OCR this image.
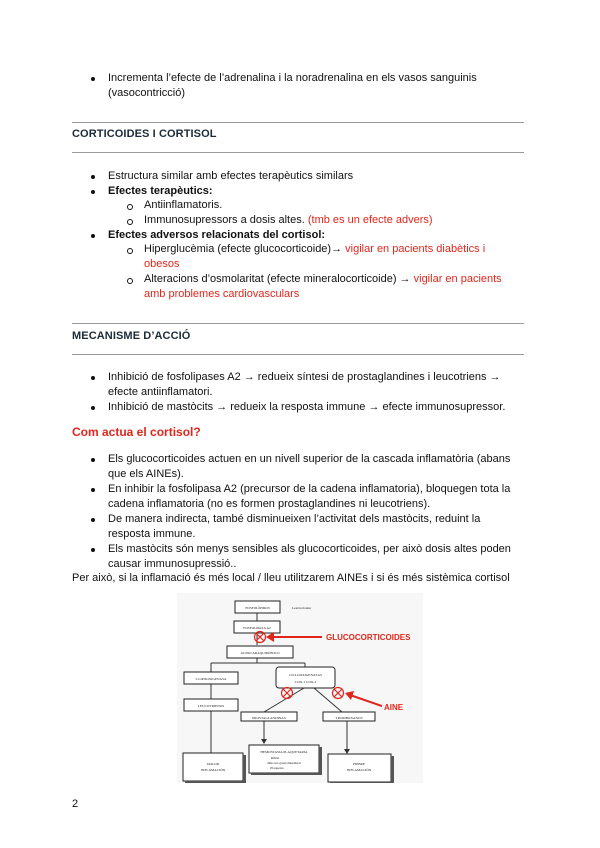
Incrementa l’efecte de l’adrenalina i la noradrenalina en els vasos sanguinis
(vasocontricció)
CORTICOIDES I CORTISOL
Estructura similar amb efectes terapèutics similars
Efectes terapèutics:
Antiinflamatoris.
Immunosupressors a dosis altes. (tmb es un efecte advers)
Efectes adversos relacionats del cortisol:
Hiperglucèmia (efecte glucocorticoide)→ vigilar en pacients diabètics i
obesos
Alteracions d’osmolaritat (efecte mineralocorticoide) → vigilar en pacients
amb problemes cardiovasculars
MECANISME D’ACCIÓ
Inhibició de fosfolipases A2 → redueix síntesi de prostaglandines i leucotriens →
efecte antiinflamatori.
Inhibició de mastòcits → redueix la resposta immune → efecte immunosupressor.
Com actua el cortisol?
Els glucocorticoides actuen en un nivell superior de la cascada inflamatòria (abans
que els AINEs).
En inhibir la fosfolipasa A2 (precursor de la cadena inflamatoria), bloquegen tota la
cadena inflamatoria (no es formen prostaglandines ni leucotriens).
De manera indirecta, també disminueixen l’activitat dels mastòcits, reduint la
resposta immune.
Els mastòcits són menys sensibles als glucocorticoides, per això dosis altes poden
causar immunosupressió..
Per això, si la inflamació és més local / lleu utilitzarem AINEs i si és més sistèmica cortisol
FOSFOLÍPIDOS
FOSFOLIPASA A2
ÁCIDO ARAQUIDÓNICO
5-LIPOOXIGENASA
CICLOOXIGENASAS
COX-1 COX-2
LEUCOTRIENOS
PROSTAGLANDINAS	TROMBOXANOS
DOLOR
INFLAMACIÓN
HEMOSTASIA PLAQUETARIA
Riñón
Mucosa gastrointestinal
Plaquetas
FIEBRE
INFLAMACIÓN
Lesión tisular
GLUCOCORTICOIDES
AINE
2
